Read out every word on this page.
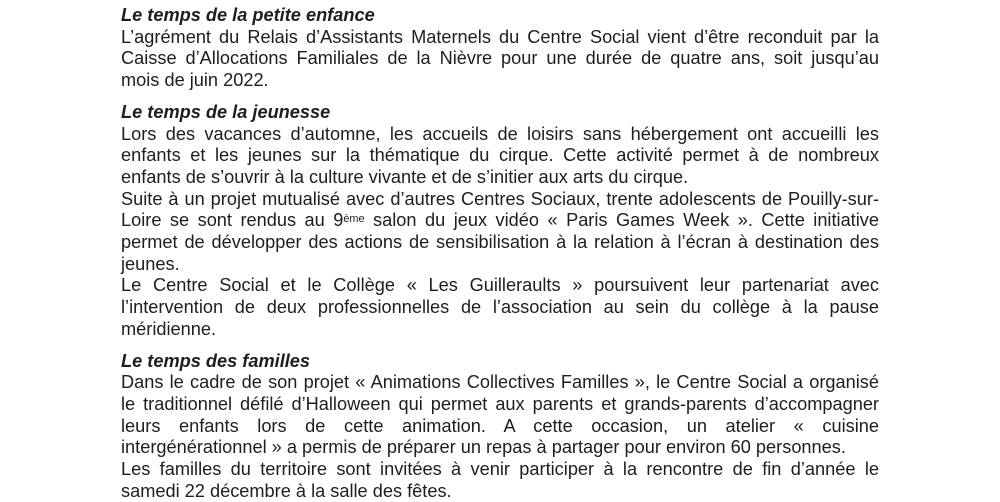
Le temps de la petite enfance
L’agrément du Relais d’Assistants Maternels du Centre Social vient d’être reconduit par la
Caisse d’Allocations Familiales de la Nièvre pour une durée de quatre ans, soit jusqu’au
mois de juin 2022.
Le temps de la jeunesse
Lors des vacances d’automne, les accueils de loisirs sans hébergement ont accueilli les
enfants et les jeunes sur la thématique du cirque. Cette activité permet à de nombreux
enfants de s’ouvrir à la culture vivante et de s’initier aux arts du cirque.
Suite à un projet mutualisé avec d’autres Centres Sociaux, trente adolescents de Pouilly-sur-
Loire se sont rendus au 9ème salon du jeux vidéo « Paris Games Week ». Cette initiative
permet de développer des actions de sensibilisation à la relation à l’écran à destination des
jeunes.
Le Centre Social et le Collège « Les Guilleraults » poursuivent leur partenariat avec
l’intervention de deux professionnelles de l’association au sein du collège à la pause
méridienne.
Le temps des familles
Dans le cadre de son projet « Animations Collectives Familles », le Centre Social a organisé
le traditionnel défilé d’Halloween qui permet aux parents et grands-parents d’accompagner
leurs enfants lors de cette animation. A cette occasion, un atelier « cuisine
intergénérationnel » a permis de préparer un repas à partager pour environ 60 personnes.
Les familles du territoire sont invitées à venir participer à la rencontre de fin d’année le
samedi 22 décembre à la salle des fêtes.
